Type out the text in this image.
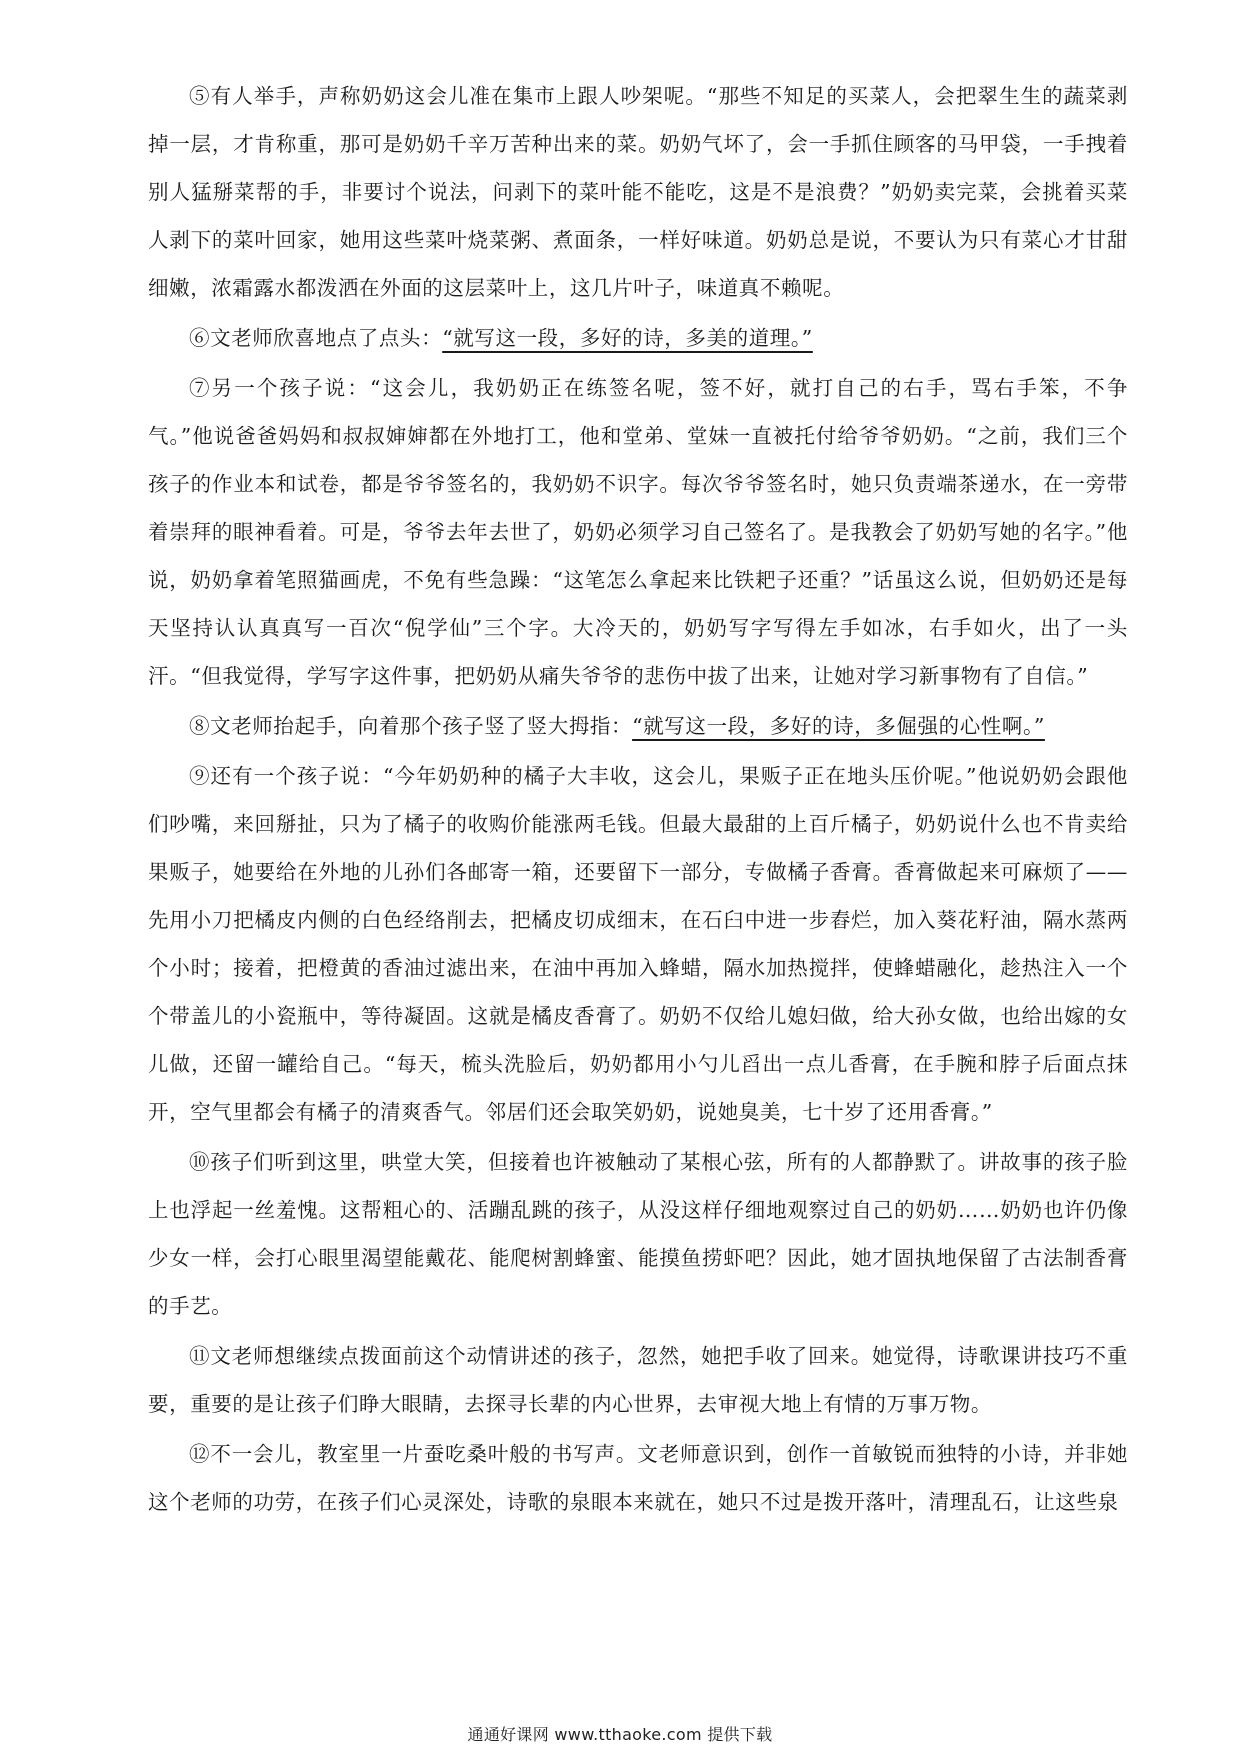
⑤有人举手，声称奶奶这会儿准在集市上跟人吵架呢。“那些不知足的买菜人，会把翠生生的蔬菜剥掉一层，才肯称重，那可是奶奶千辛万苦种出来的菜。奶奶气坏了，会一手抓住顾客的马甲袋，一手拽着别人猛掰菜帮的手，非要讨个说法，问剥下的菜叶能不能吃，这是不是浪费？”奶奶卖完菜，会挑着买菜人剥下的菜叶回家，她用这些菜叶烧菜粥、煮面条，一样好味道。奶奶总是说，不要认为只有菜心才甘甜细嫩，浓霜露水都泼洒在外面的这层菜叶上，这几片叶子，味道真不赖呢。

⑥文老师欣喜地点了点头：“就写这一段，多好的诗，多美的道理。”

⑦另一个孩子说：“这会儿，我奶奶正在练签名呢，签不好，就打自己的右手，骂右手笨，不争气。”他说爸爸妈妈和叔叔婶婶都在外地打工，他和堂弟、堂妹一直被托付给爷爷奶奶。“之前，我们三个孩子的作业本和试卷，都是爷爷签名的，我奶奶不识字。每次爷爷签名时，她只负责端茶递水，在一旁带着崇拜的眼神看着。可是，爷爷去年去世了，奶奶必须学习自己签名了。是我教会了奶奶写她的名字。”他说，奶奶拿着笔照猫画虎，不免有些急躁：“这笔怎么拿起来比铁耙子还重？”话虽这么说，但奶奶还是每天坚持认认真真写一百次“倪学仙”三个字。大冷天的，奶奶写字写得左手如冰，右手如火，出了一头汗。“但我觉得，学写字这件事，把奶奶从痛失爷爷的悲伤中拔了出来，让她对学习新事物有了自信。”

⑧文老师抬起手，向着那个孩子竖了竖大拇指：“就写这一段，多好的诗，多倔强的心性啊。”

⑨还有一个孩子说：“今年奶奶种的橘子大丰收，这会儿，果贩子正在地头压价呢。”他说奶奶会跟他们吵嘴，来回掰扯，只为了橘子的收购价能涨两毛钱。但最大最甜的上百斤橘子，奶奶说什么也不肯卖给果贩子，她要给在外地的儿孙们各邮寄一箱，还要留下一部分，专做橘子香膏。香膏做起来可麻烦了——先用小刀把橘皮内侧的白色经络削去，把橘皮切成细末，在石臼中进一步舂烂，加入葵花籽油，隔水蒸两个小时；接着，把橙黄的香油过滤出来，在油中再加入蜂蜡，隔水加热搅拌，使蜂蜡融化，趁热注入一个个带盖儿的小瓷瓶中，等待凝固。这就是橘皮香膏了。奶奶不仅给儿媳妇做，给大孙女做，也给出嫁的女儿做，还留一罐给自己。“每天，梳头洗脸后，奶奶都用小勺儿舀出一点儿香膏，在手腕和脖子后面点抹开，空气里都会有橘子的清爽香气。邻居们还会取笑奶奶，说她臭美，七十岁了还用香膏。”

⑩孩子们听到这里，哄堂大笑，但接着也许被触动了某根心弦，所有的人都静默了。讲故事的孩子脸上也浮起一丝羞愧。这帮粗心的、活蹦乱跳的孩子，从没这样仔细地观察过自己的奶奶……奶奶也许仍像少女一样，会打心眼里渴望能戴花、能爬树割蜂蜜、能摸鱼捞虾吧？因此，她才固执地保留了古法制香膏的手艺。

⑪文老师想继续点拨面前这个动情讲述的孩子，忽然，她把手收了回来。她觉得，诗歌课讲技巧不重要，重要的是让孩子们睁大眼睛，去探寻长辈的内心世界，去审视大地上有情的万事万物。

⑫不一会儿，教室里一片蚕吃桑叶般的书写声。文老师意识到，创作一首敏锐而独特的小诗，并非她这个老师的功劳，在孩子们心灵深处，诗歌的泉眼本来就在，她只不过是拨开落叶，清理乱石，让这些泉

通通好课网 www.tthaoke.com 提供下载
